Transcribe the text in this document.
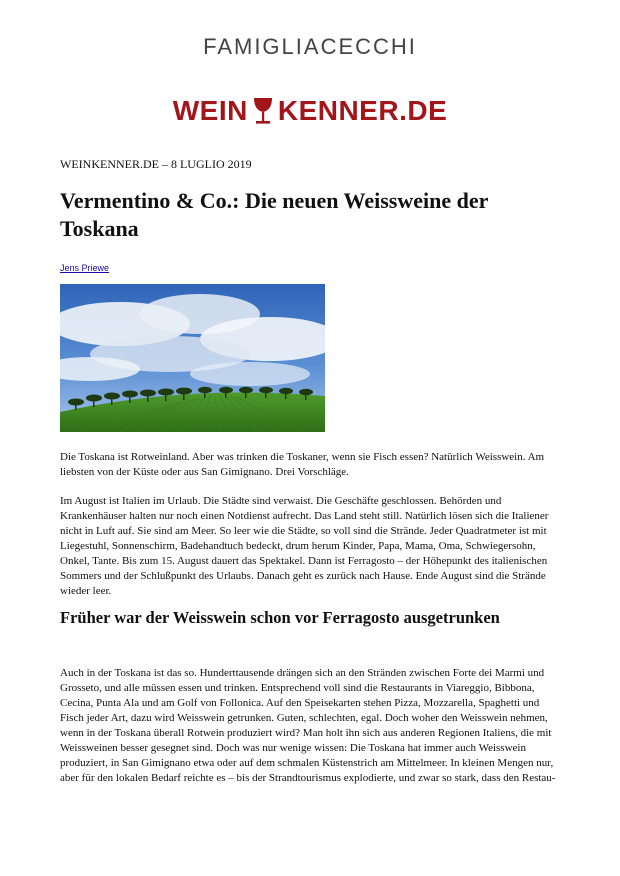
FAMIGLIACECCHI
WEIN KENNER.DE
WEINKENNER.DE – 8 LUGLIO 2019
Vermentino & Co.: Die neuen Weissweine der Toskana
Jens Priewe

Die Toskana ist Rotweinland. Aber was trinken die Toskaner, wenn sie Fisch essen? Natürlich Weisswein. Am liebsten von der Küste oder aus San Gimignano. Drei Vorschläge.

Im August ist Italien im Urlaub. Die Städte sind verwaist. Die Geschäfte geschlossen. Behörden und Krankenhäuser halten nur noch einen Notdienst aufrecht. Das Land steht still. Natürlich lösen sich die Italiener nicht in Luft auf. Sie sind am Meer. So leer wie die Städte, so voll sind die Strände. Jeder Quadratmeter ist mit Liegestuhl, Sonnenschirm, Badehandtuch bedeckt, drum herum Kinder, Papa, Mama, Oma, Schwiegersohn, Onkel, Tante. Bis zum 15. August dauert das Spektakel. Dann ist Ferragosto – der Höhepunkt des italienischen Sommers und der Schlußpunkt des Urlaubs. Danach geht es zurück nach Hause. Ende August sind die Strände wieder leer.

Früher war der Weisswein schon vor Ferragosto ausgetrunken

Auch in der Toskana ist das so. Hunderttausende drängen sich an den Stränden zwischen Forte dei Marmi und Grosseto, und alle müssen essen und trinken. Entsprechend voll sind die Restaurants in Viareggio, Bibbona, Cecina, Punta Ala und am Golf von Follonica. Auf den Speisekarten stehen Pizza, Mozzarella, Spaghetti und Fisch jeder Art, dazu wird Weisswein getrunken. Guten, schlechten, egal. Doch woher den Weisswein nehmen, wenn in der Toskana überall Rotwein produziert wird? Man holt ihn sich aus anderen Regionen Italiens, die mit Weissweinen besser gesegnet sind. Doch was nur wenige wissen: Die Toskana hat immer auch Weisswein produziert, in San Gimignano etwa oder auf dem schmalen Küstenstrich am Mittelmeer. In kleinen Mengen nur, aber für den lokalen Bedarf reichte es – bis der Strandtourismus explodierte, und zwar so stark, dass den Restau-
